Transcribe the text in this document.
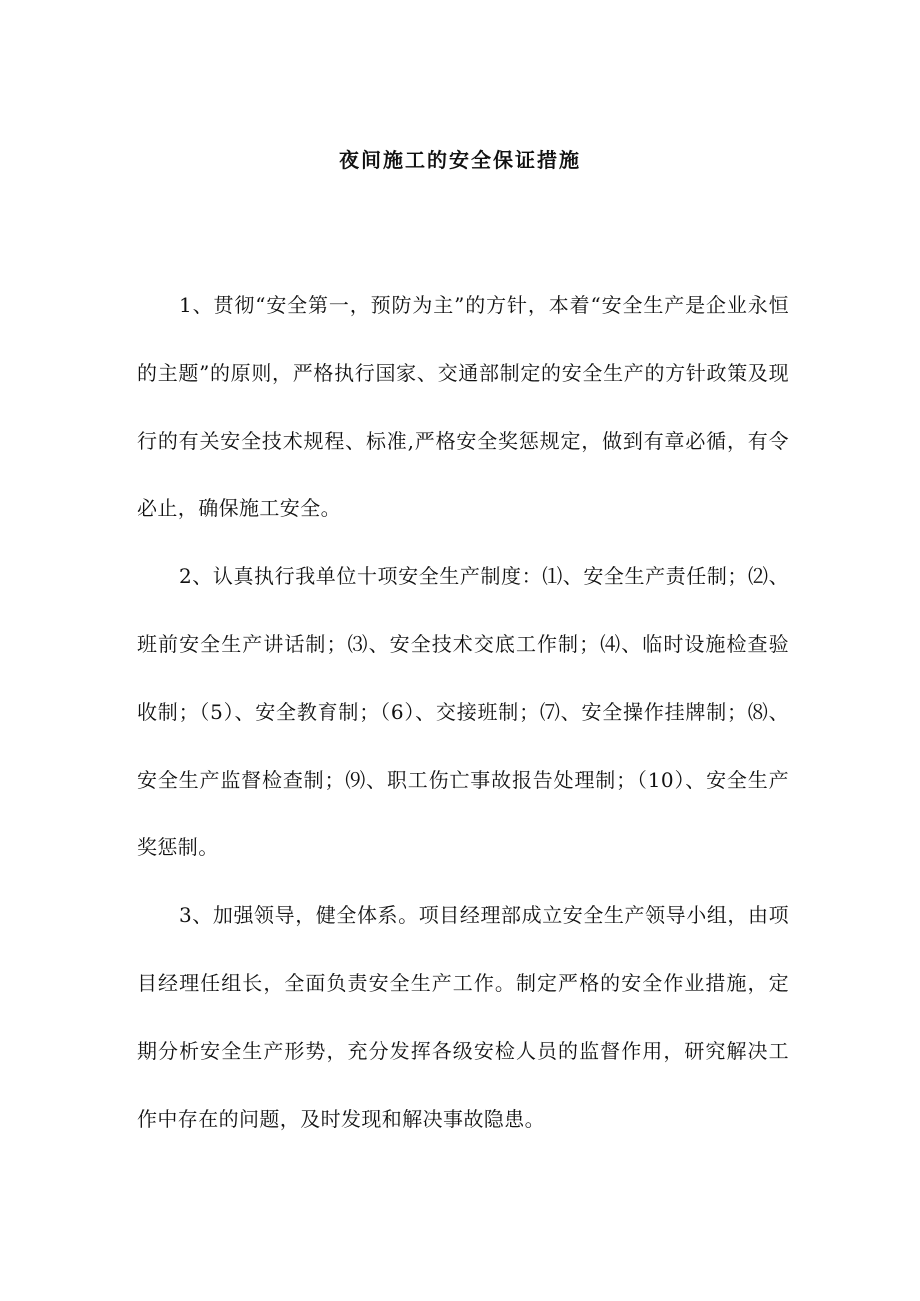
夜间施工的安全保证措施

1、贯彻“安全第一，预防为主”的方针，本着“安全生产是企业永恒的主题”的原则，严格执行国家、交通部制定的安全生产的方针政策及现行的有关安全技术规程、标准,严格安全奖惩规定，做到有章必循，有令必止，确保施工安全。

2、认真执行我单位十项安全生产制度：⑴、安全生产责任制；⑵、班前安全生产讲话制；⑶、安全技术交底工作制；⑷、临时设施检查验收制；（5）、安全教育制；（6）、交接班制；⑺、安全操作挂牌制；⑻、安全生产监督检查制；⑼、职工伤亡事故报告处理制；（10）、安全生产奖惩制。

3、加强领导，健全体系。项目经理部成立安全生产领导小组，由项目经理任组长，全面负责安全生产工作。制定严格的安全作业措施，定期分析安全生产形势，充分发挥各级安检人员的监督作用，研究解决工作中存在的问题，及时发现和解决事故隐患。
